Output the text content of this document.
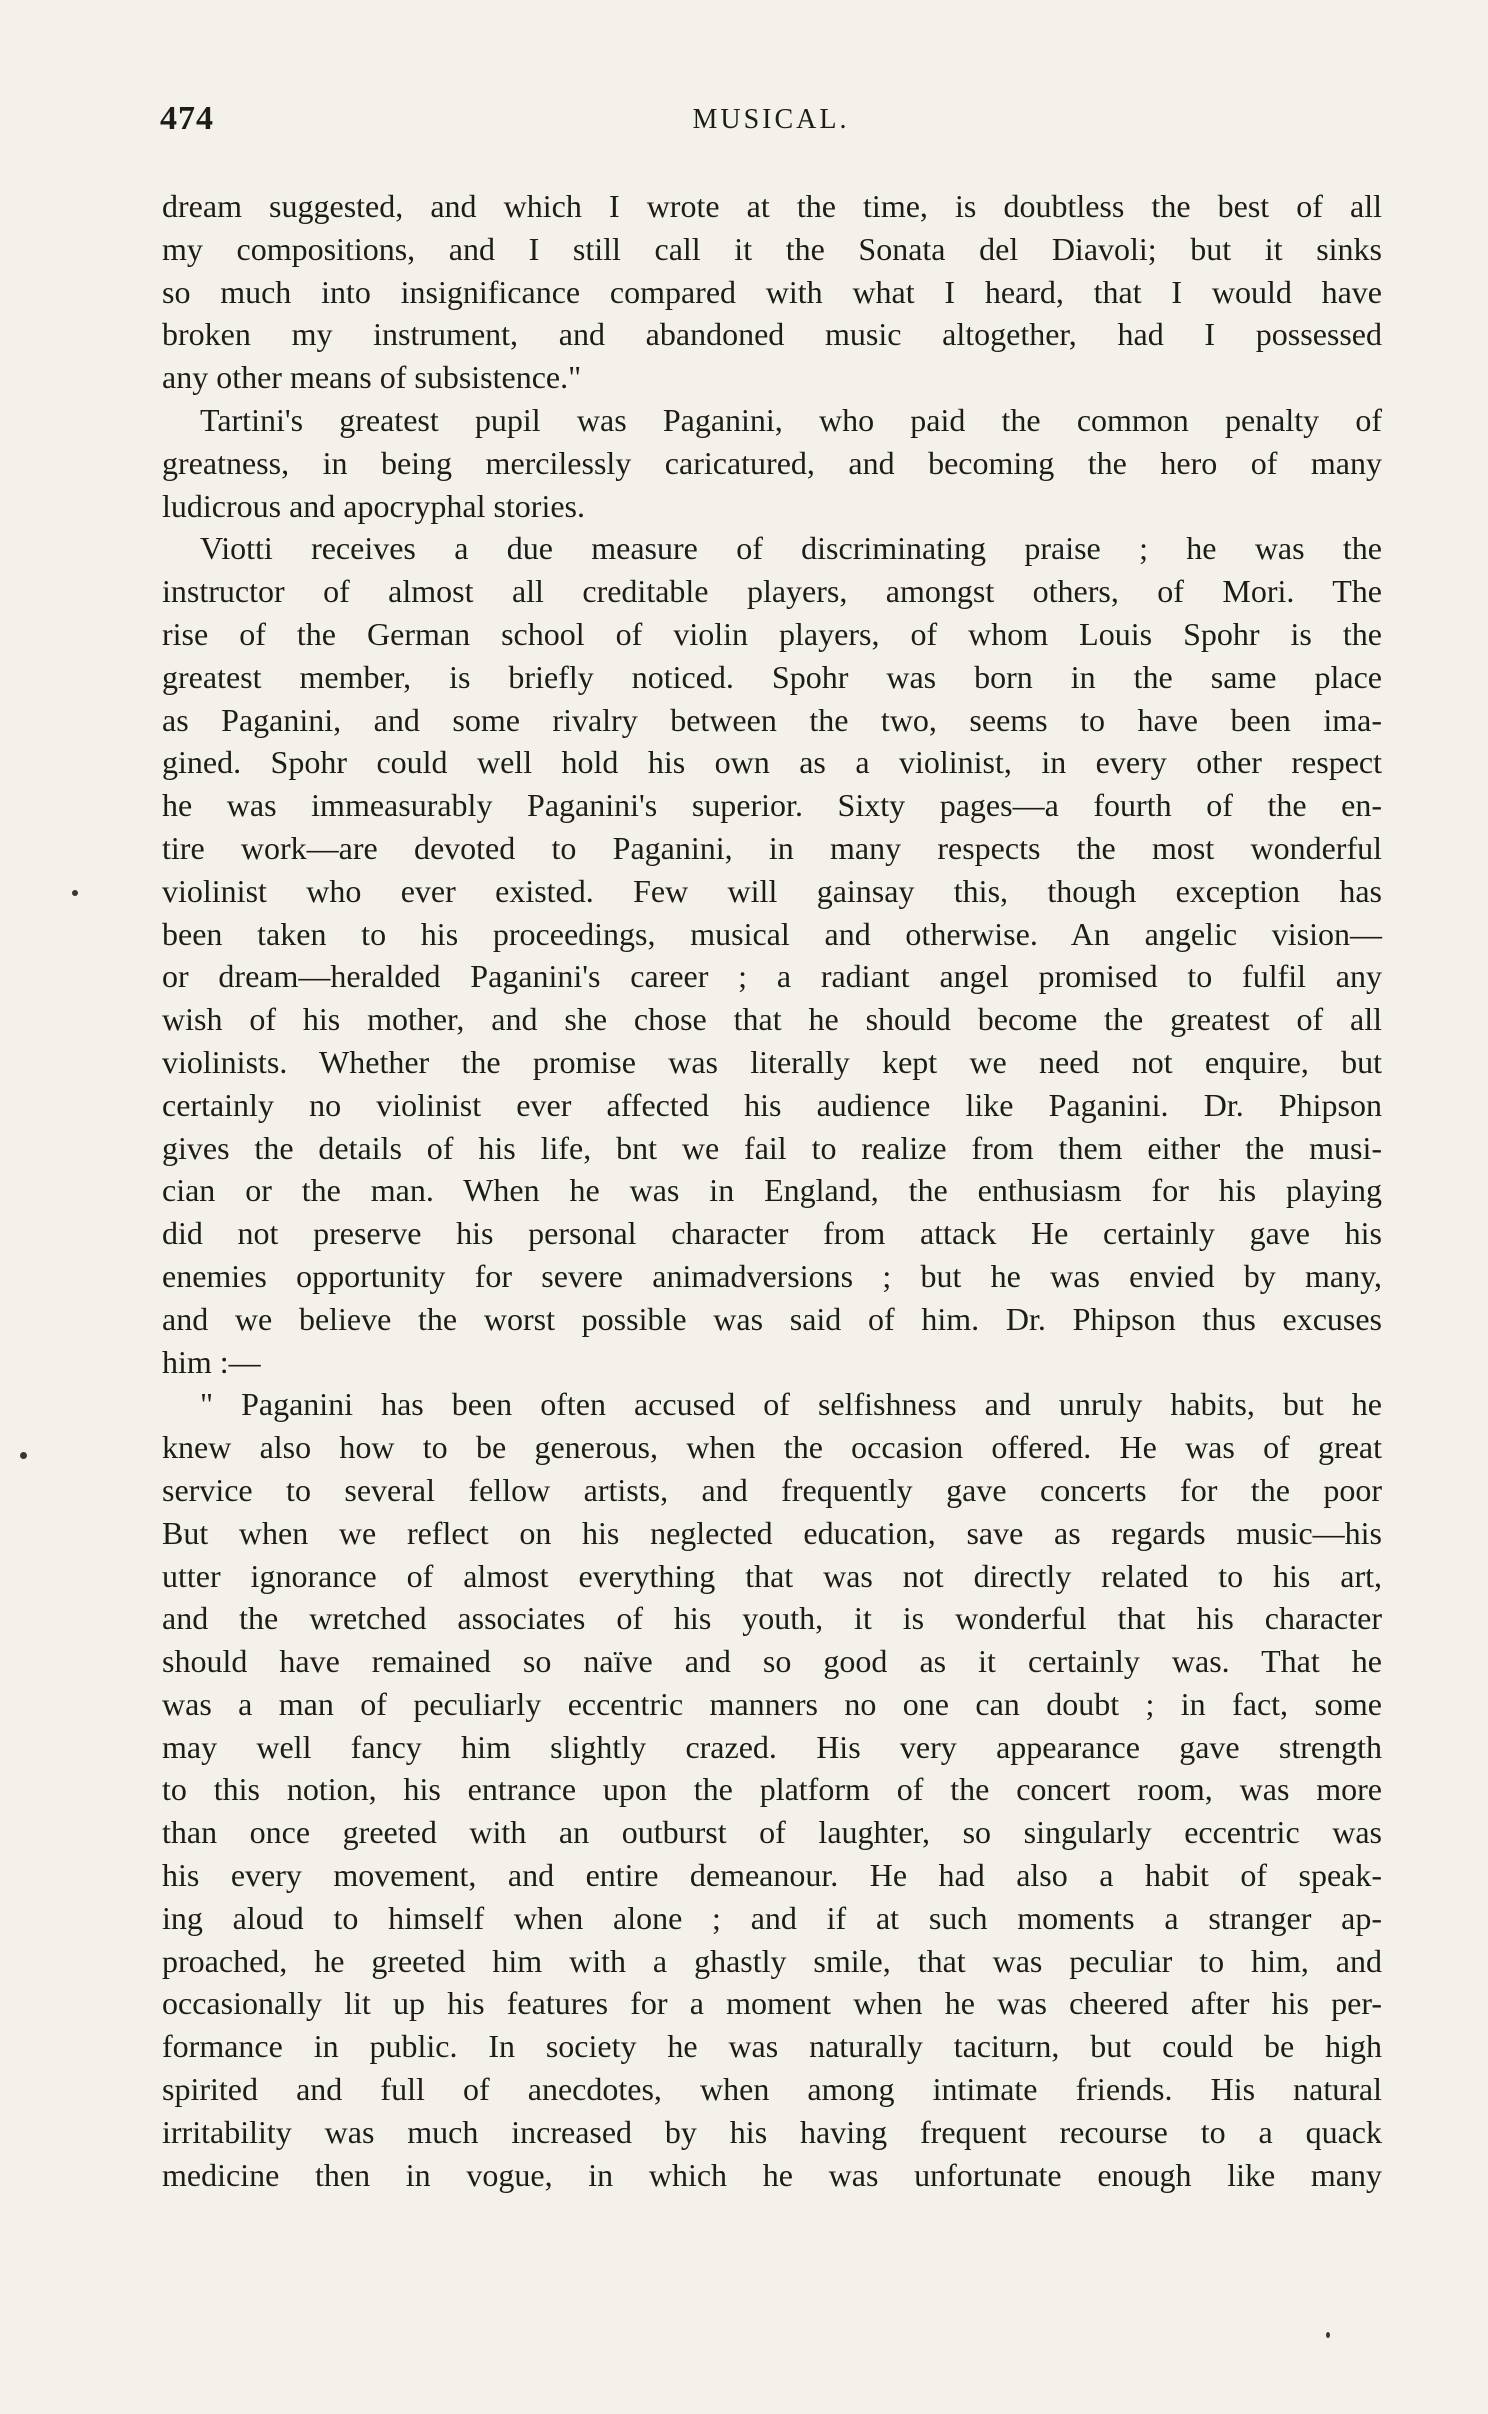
474	MUSICAL.
dream suggested, and which I wrote at the time, is doubtless the best of all
my compositions, and I still call it the Sonata del Diavoli; but it sinks
so much into insignificance compared with what I heard, that I would have
broken my instrument, and abandoned music altogether, had I possessed
any other means of subsistence."
Tartini's greatest pupil was Paganini, who paid the common penalty of
greatness, in being mercilessly caricatured, and becoming the hero of many
ludicrous and apocryphal stories.
Viotti receives a due measure of discriminating praise ; he was the
instructor of almost all creditable players, amongst others, of Mori. The
rise of the German school of violin players, of whom Louis Spohr is the
greatest member, is briefly noticed. Spohr was born in the same place
as Paganini, and some rivalry between the two, seems to have been ima-
gined. Spohr could well hold his own as a violinist, in every other respect
he was immeasurably Paganini's superior. Sixty pages—a fourth of the en-
tire work—are devoted to Paganini, in many respects the most wonderful
violinist who ever existed. Few will gainsay this, though exception has
been taken to his proceedings, musical and otherwise. An angelic vision—
or dream—heralded Paganini's career ; a radiant angel promised to fulfil any
wish of his mother, and she chose that he should become the greatest of all
violinists. Whether the promise was literally kept we need not enquire, but
certainly no violinist ever affected his audience like Paganini. Dr. Phipson
gives the details of his life, bnt we fail to realize from them either the musi-
cian or the man. When he was in England, the enthusiasm for his playing
did not preserve his personal character from attack He certainly gave his
enemies opportunity for severe animadversions ; but he was envied by many,
and we believe the worst possible was said of him. Dr. Phipson thus excuses
him :—
" Paganini has been often accused of selfishness and unruly habits, but he
knew also how to be generous, when the occasion offered. He was of great
service to several fellow artists, and frequently gave concerts for the poor
But when we reflect on his neglected education, save as regards music—his
utter ignorance of almost everything that was not directly related to his art,
and the wretched associates of his youth, it is wonderful that his character
should have remained so naïve and so good as it certainly was. That he
was a man of peculiarly eccentric manners no one can doubt ; in fact, some
may well fancy him slightly crazed. His very appearance gave strength
to this notion, his entrance upon the platform of the concert room, was more
than once greeted with an outburst of laughter, so singularly eccentric was
his every movement, and entire demeanour. He had also a habit of speak-
ing aloud to himself when alone ; and if at such moments a stranger ap-
proached, he greeted him with a ghastly smile, that was peculiar to him, and
occasionally lit up his features for a moment when he was cheered after his per-
formance in public. In society he was naturally taciturn, but could be high
spirited and full of anecdotes, when among intimate friends. His natural
irritability was much increased by his having frequent recourse to a quack
medicine then in vogue, in which he was unfortunate enough like many
